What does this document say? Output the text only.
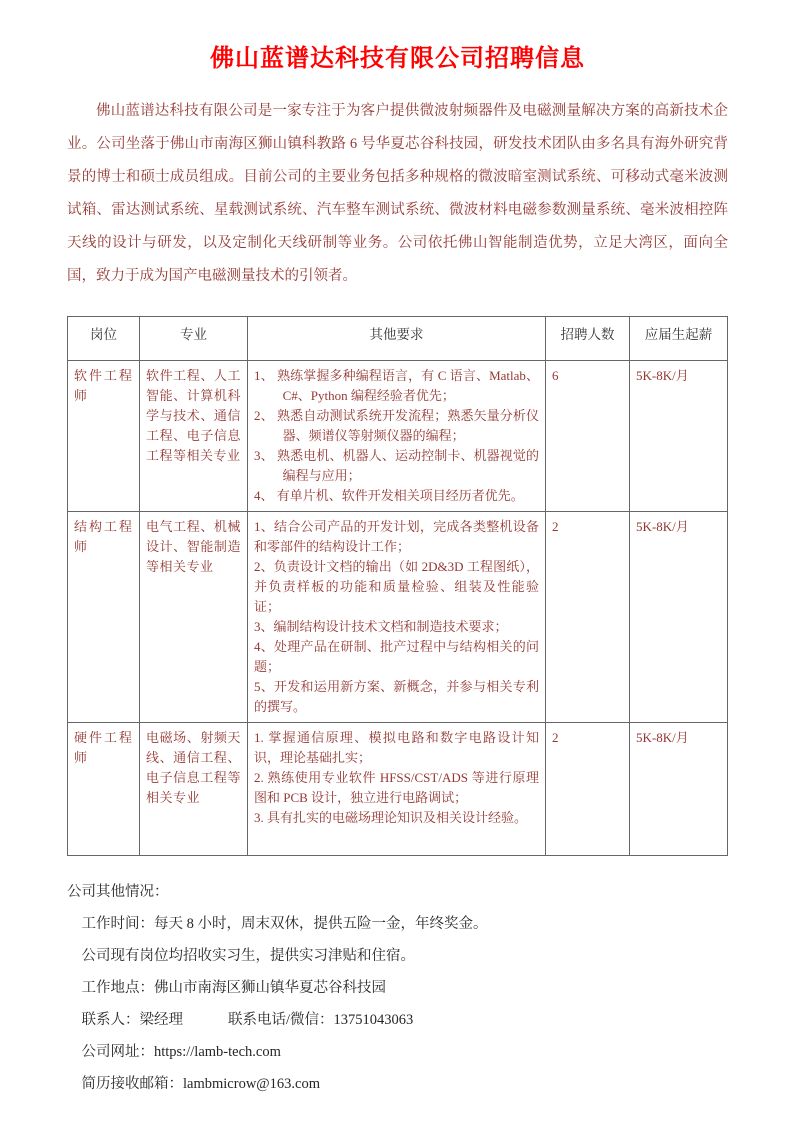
佛山蓝谱达科技有限公司招聘信息

佛山蓝谱达科技有限公司是一家专注于为客户提供微波射频器件及电磁测量解决方案的高新技术企业。公司坐落于佛山市南海区狮山镇科教路 6 号华夏芯谷科技园，研发技术团队由多名具有海外研究背景的博士和硕士成员组成。目前公司的主要业务包括多种规格的微波暗室测试系统、可移动式毫米波测试箱、雷达测试系统、星载测试系统、汽车整车测试系统、微波材料电磁参数测量系统、毫米波相控阵天线的设计与研发，以及定制化天线研制等业务。公司依托佛山智能制造优势，立足大湾区，面向全国，致力于成为国产电磁测量技术的引领者。

岗位	专业	其他要求	招聘人数	应届生起薪
软件工程师	软件工程、人工智能、计算机科学与技术、通信工程、电子信息工程等相关专业	1、 熟练掌握多种编程语言，有 C 语言、Matlab、C#、Python 编程经验者优先；
2、 熟悉自动测试系统开发流程；熟悉矢量分析仪器、频谱仪等射频仪器的编程；
3、 熟悉电机、机器人、运动控制卡、机器视觉的编程与应用；
4、 有单片机、软件开发相关项目经历者优先。	6	5K-8K/月
结构工程师	电气工程、机械设计、智能制造等相关专业	1、结合公司产品的开发计划，完成各类整机设备和零部件的结构设计工作；
2、负责设计文档的输出（如 2D&3D 工程图纸），并负责样板的功能和质量检验、组装及性能验证；
3、编制结构设计技术文档和制造技术要求；
4、处理产品在研制、批产过程中与结构相关的问题；
5、开发和运用新方案、新概念，并参与相关专利的撰写。	2	5K-8K/月
硬件工程师	电磁场、射频天线、通信工程、电子信息工程等相关专业	1. 掌握通信原理、模拟电路和数字电路设计知识，理论基础扎实；
2. 熟练使用专业软件 HFSS/CST/ADS 等进行原理图和 PCB 设计，独立进行电路调试；
3. 具有扎实的电磁场理论知识及相关设计经验。	2	5K-8K/月
公司其他情况：
工作时间：每天 8 小时，周末双休，提供五险一金，年终奖金。
公司现有岗位均招收实习生，提供实习津贴和住宿。
工作地点：佛山市南海区狮山镇华夏芯谷科技园
联系人：梁经理	联系电话/微信：13751043063
公司网址：https://lamb-tech.com
简历接收邮箱：lambmicrow@163.com
